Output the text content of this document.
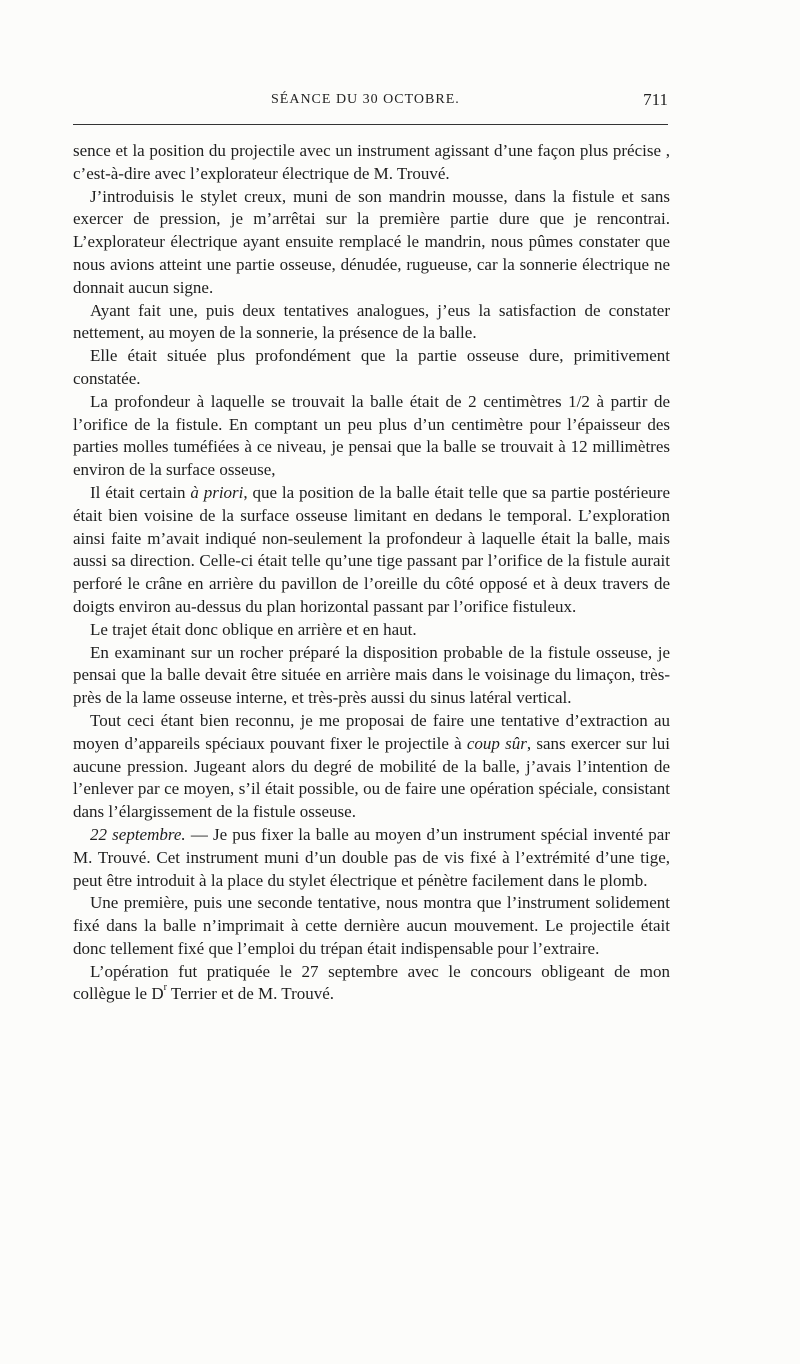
SÉANCE DU 30 OCTOBRE.	711

sence et la position du projectile avec un instrument agissant d’une façon plus précise , c’est-à-dire avec l’explorateur électrique de M. Trouvé.

J’introduisis le stylet creux, muni de son mandrin mousse, dans la fistule et sans exercer de pression, je m’arrêtai sur la première partie dure que je rencontrai. L’explorateur électrique ayant ensuite remplacé le mandrin, nous pûmes constater que nous avions atteint une partie osseuse, dénudée, rugueuse, car la sonnerie électrique ne donnait aucun signe.

Ayant fait une, puis deux tentatives analogues, j’eus la satisfaction de constater nettement, au moyen de la sonnerie, la présence de la balle.

Elle était située plus profondément que la partie osseuse dure, primitivement constatée.

La profondeur à laquelle se trouvait la balle était de 2 centimètres 1/2 à partir de l’orifice de la fistule. En comptant un peu plus d’un centimètre pour l’épaisseur des parties molles tuméfiées à ce niveau, je pensai que la balle se trouvait à 12 millimètres environ de la surface osseuse,

Il était certain à priori, que la position de la balle était telle que sa partie postérieure était bien voisine de la surface osseuse limitant en dedans le temporal. L’exploration ainsi faite m’avait indiqué non-seulement la profondeur à laquelle était la balle, mais aussi sa direction. Celle-ci était telle qu’une tige passant par l’orifice de la fistule aurait perforé le crâne en arrière du pavillon de l’oreille du côté opposé et à deux travers de doigts environ au-dessus du plan horizontal passant par l’orifice fistuleux.

Le trajet était donc oblique en arrière et en haut.

En examinant sur un rocher préparé la disposition probable de la fistule osseuse, je pensai que la balle devait être située en arrière mais dans le voisinage du limaçon, très-près de la lame osseuse interne, et très-près aussi du sinus latéral vertical.

Tout ceci étant bien reconnu, je me proposai de faire une tentative d’extraction au moyen d’appareils spéciaux pouvant fixer le projectile à coup sûr, sans exercer sur lui aucune pression. Jugeant alors du degré de mobilité de la balle, j’avais l’intention de l’enlever par ce moyen, s’il était possible, ou de faire une opération spéciale, consistant dans l’élargissement de la fistule osseuse.

22 septembre. — Je pus fixer la balle au moyen d’un instrument spécial inventé par M. Trouvé. Cet instrument muni d’un double pas de vis fixé à l’extrémité d’une tige, peut être introduit à la place du stylet électrique et pénètre facilement dans le plomb.

Une première, puis une seconde tentative, nous montra que l’instrument solidement fixé dans la balle n’imprimait à cette dernière aucun mouvement. Le projectile était donc tellement fixé que l’emploi du trépan était indispensable pour l’extraire.

L’opération fut pratiquée le 27 septembre avec le concours obligeant de mon collègue le $D^r$ Terrier et de M. Trouvé.
